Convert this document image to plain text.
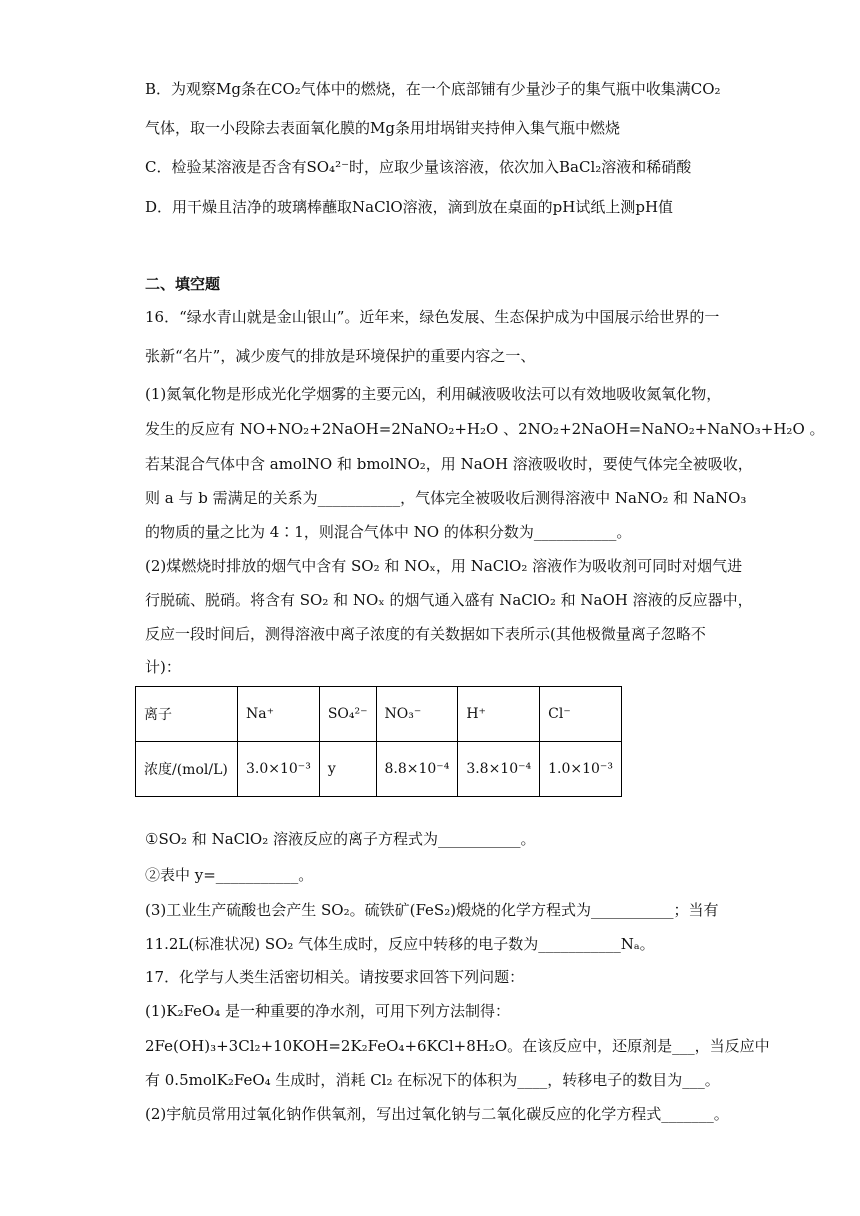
B．为观察Mg条在CO₂气体中的燃烧，在一个底部铺有少量沙子的集气瓶中收集满CO₂
气体，取一小段除去表面氧化膜的Mg条用坩埚钳夹持伸入集气瓶中燃烧
C．检验某溶液是否含有SO₄²⁻时，应取少量该溶液，依次加入BaCl₂溶液和稀硝酸
D．用干燥且洁净的玻璃棒蘸取NaClO溶液，滴到放在桌面的pH试纸上测pH值
二、填空题
16．“绿水青山就是金山银山”。近年来，绿色发展、生态保护成为中国展示给世界的一
张新“名片”，减少废气的排放是环境保护的重要内容之一、
(1)氮氧化物是形成光化学烟雾的主要元凶，利用碱液吸收法可以有效地吸收氮氧化物，
发生的反应有 NO+NO₂+2NaOH=2NaNO₂+H₂O 、2NO₂+2NaOH=NaNO₂+NaNO₃+H₂O 。
若某混合气体中含 amolNO 和 bmolNO₂，用 NaOH 溶液吸收时，要使气体完全被吸收，
则 a 与 b 需满足的关系为___________，气体完全被吸收后测得溶液中 NaNO₂ 和 NaNO₃
的物质的量之比为 4∶1，则混合气体中 NO 的体积分数为___________。
(2)煤燃烧时排放的烟气中含有 SO₂ 和 NOₓ，用 NaClO₂ 溶液作为吸收剂可同时对烟气进
行脱硫、脱硝。将含有 SO₂ 和 NOₓ 的烟气通入盛有 NaClO₂ 和 NaOH 溶液的反应器中，
反应一段时间后，测得溶液中离子浓度的有关数据如下表所示(其他极微量离子忽略不
离子	Na⁺	SO₄²⁻	NO₃⁻	H⁺	Cl⁻
浓度/(mol/L)	3.0×10⁻³	y	8.8×10⁻⁴	3.8×10⁻⁴	1.0×10⁻³
①SO₂ 和 NaClO₂ 溶液反应的离子方程式为___________。
②表中 y=___________。
(3)工业生产硫酸也会产生 SO₂。硫铁矿(FeS₂)煅烧的化学方程式为___________；当有
11.2L(标准状况) SO₂ 气体生成时，反应中转移的电子数为___________Nₐ。
17．化学与人类生活密切相关。请按要求回答下列问题：
(1)K₂FeO₄ 是一种重要的净水剂，可用下列方法制得：
2Fe(OH)₃+3Cl₂+10KOH=2K₂FeO₄+6KCl+8H₂O。在该反应中，还原剂是___，当反应中
有 0.5molK₂FeO₄ 生成时，消耗 Cl₂ 在标况下的体积为____，转移电子的数目为___。
(2)宇航员常用过氧化钠作供氧剂，写出过氧化钠与二氧化碳反应的化学方程式_______。
计)：
